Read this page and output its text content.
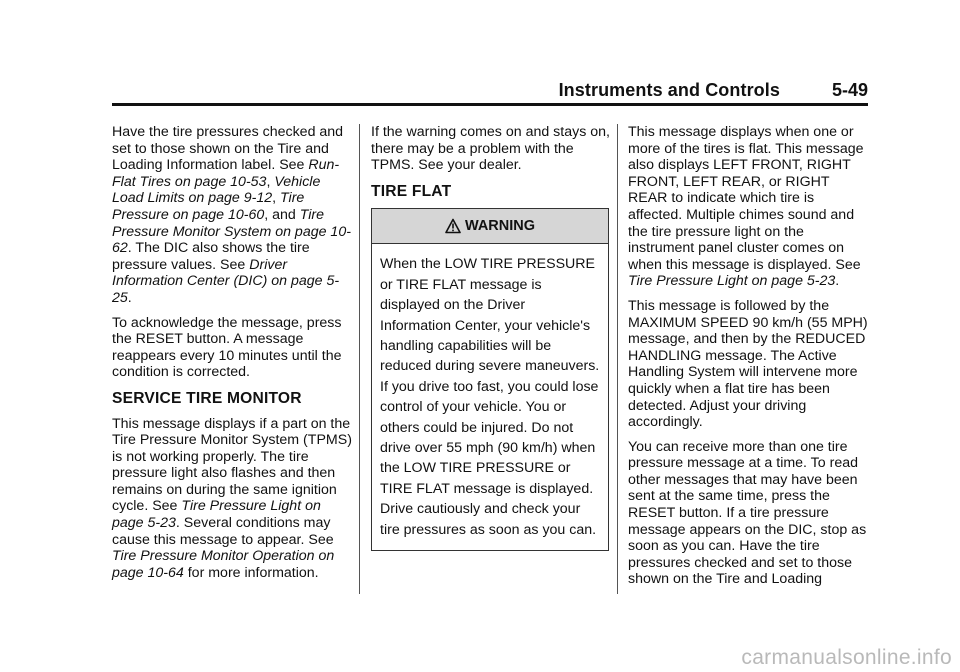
Instruments and Controls	5-49

Have the tire pressures checked and set to those shown on the Tire and Loading Information label. See Run-Flat Tires on page 10-53, Vehicle Load Limits on page 9-12, Tire Pressure on page 10-60, and Tire Pressure Monitor System on page 10-62. The DIC also shows the tire pressure values. See Driver Information Center (DIC) on page 5-25.

To acknowledge the message, press the RESET button. A message reappears every 10 minutes until the condition is corrected.

SERVICE TIRE MONITOR

This message displays if a part on the Tire Pressure Monitor System (TPMS) is not working properly. The tire pressure light also flashes and then remains on during the same ignition cycle. See Tire Pressure Light on page 5-23. Several conditions may cause this message to appear. See Tire Pressure Monitor Operation on page 10-64 for more information.

If the warning comes on and stays on, there may be a problem with the TPMS. See your dealer.

TIRE FLAT
WARNING
When the LOW TIRE PRESSURE or TIRE FLAT message is displayed on the Driver Information Center, your vehicle's handling capabilities will be reduced during severe maneuvers. If you drive too fast, you could lose control of your vehicle. You or others could be injured. Do not drive over 55 mph (90 km/h) when the LOW TIRE PRESSURE or TIRE FLAT message is displayed. Drive cautiously and check your tire pressures as soon as you can.

This message displays when one or more of the tires is flat. This message also displays LEFT FRONT, RIGHT FRONT, LEFT REAR, or RIGHT REAR to indicate which tire is affected. Multiple chimes sound and the tire pressure light on the instrument panel cluster comes on when this message is displayed. See Tire Pressure Light on page 5-23.

This message is followed by the MAXIMUM SPEED 90 km/h (55 MPH) message, and then by the REDUCED HANDLING message. The Active Handling System will intervene more quickly when a flat tire has been detected. Adjust your driving accordingly.

You can receive more than one tire pressure message at a time. To read other messages that may have been sent at the same time, press the RESET button. If a tire pressure message appears on the DIC, stop as soon as you can. Have the tire pressures checked and set to those shown on the Tire and Loading

carmanualsonline.info
